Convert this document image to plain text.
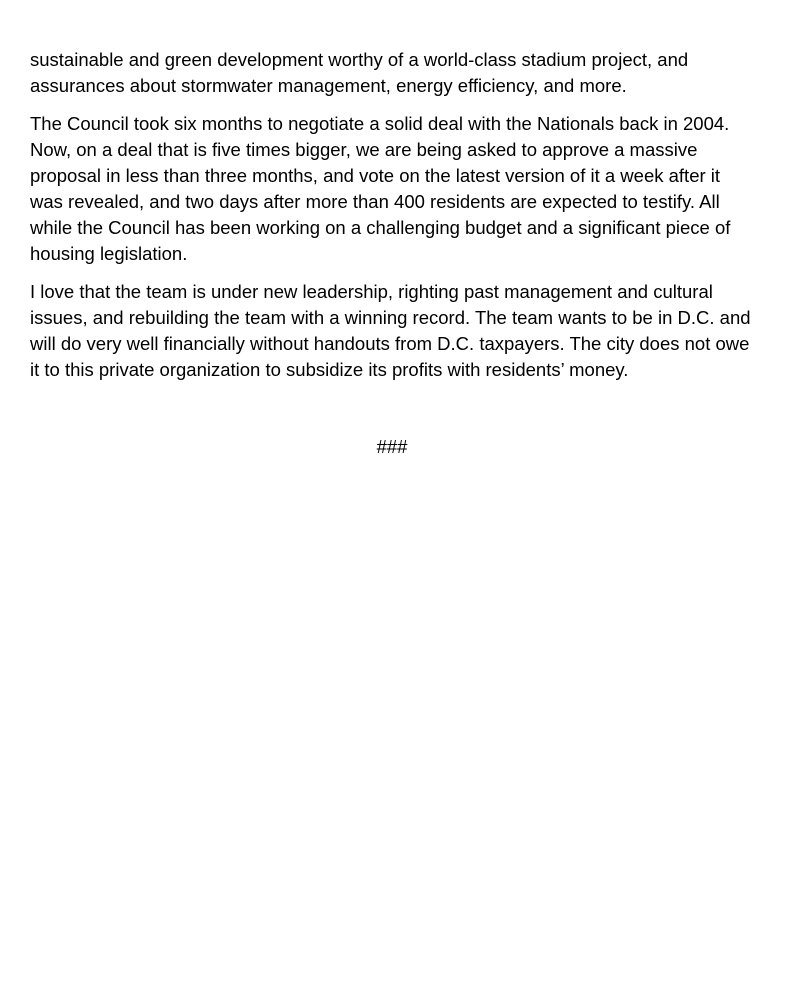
sustainable and green development worthy of a world-class stadium project, and
assurances about stormwater management, energy efficiency, and more.

The Council took six months to negotiate a solid deal with the Nationals back in 2004.
Now, on a deal that is five times bigger, we are being asked to approve a massive
proposal in less than three months, and vote on the latest version of it a week after it
was revealed, and two days after more than 400 residents are expected to testify. All
while the Council has been working on a challenging budget and a significant piece of
housing legislation.

I love that the team is under new leadership, righting past management and cultural
issues, and rebuilding the team with a winning record. The team wants to be in D.C. and
will do very well financially without handouts from D.C. taxpayers. The city does not owe
it to this private organization to subsidize its profits with residents’ money.

###
